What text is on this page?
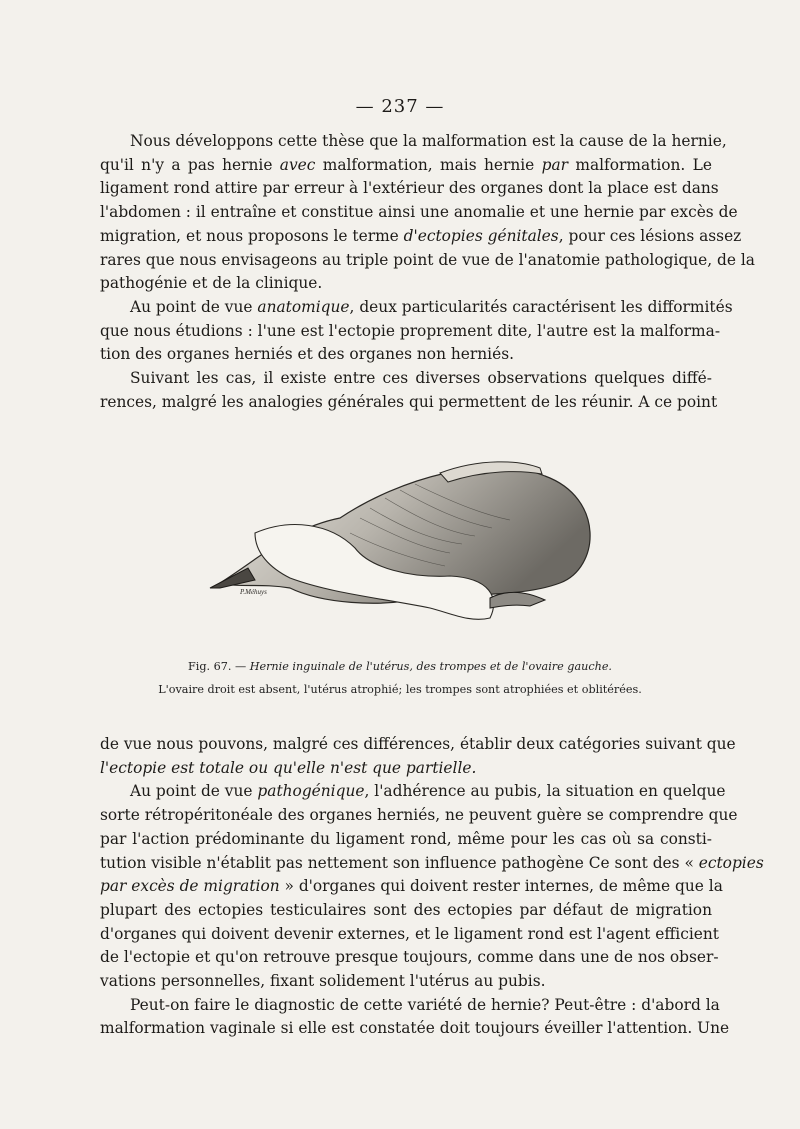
— 237 —
Nous développons cette thèse que la malformation est la cause de la hernie,
qu'il n'y a pas hernie avec malformation, mais hernie par malformation. Le
ligament rond attire par erreur à l'extérieur des organes dont la place est dans
l'abdomen : il entraîne et constitue ainsi une anomalie et une hernie par excès de
migration, et nous proposons le terme d'ectopies génitales, pour ces lésions assez
rares que nous envisageons au triple point de vue de l'anatomie pathologique, de la
pathogénie et de la clinique.
Au point de vue anatomique, deux particularités caractérisent les difformités
que nous étudions : l'une est l'ectopie proprement dite, l'autre est la malforma-
tion des organes herniés et des organes non herniés.
Suivant les cas, il existe entre ces diverses observations quelques diffé-
rences, malgré les analogies générales qui permettent de les réunir. A ce point
P.Méhuys
Fig. 67. — Hernie inguinale de l'utérus, des trompes et de l'ovaire gauche.
L'ovaire droit est absent, l'utérus atrophié; les trompes sont atrophiées et oblitérées.
de vue nous pouvons, malgré ces différences, établir deux catégories suivant que
l'ectopie est totale ou qu'elle n'est que partielle.
Au point de vue pathogénique, l'adhérence au pubis, la situation en quelque
sorte rétropéritonéale des organes herniés, ne peuvent guère se comprendre que
par l'action prédominante du ligament rond, même pour les cas où sa consti-
tution visible n'établit pas nettement son influence pathogène Ce sont des « ectopies
par excès de migration » d'organes qui doivent rester internes, de même que la
plupart des ectopies testiculaires sont des ectopies par défaut de migration
d'organes qui doivent devenir externes, et le ligament rond est l'agent efficient
de l'ectopie et qu'on retrouve presque toujours, comme dans une de nos obser-
vations personnelles, fixant solidement l'utérus au pubis.
Peut-on faire le diagnostic de cette variété de hernie? Peut-être : d'abord la
malformation vaginale si elle est constatée doit toujours éveiller l'attention. Une
